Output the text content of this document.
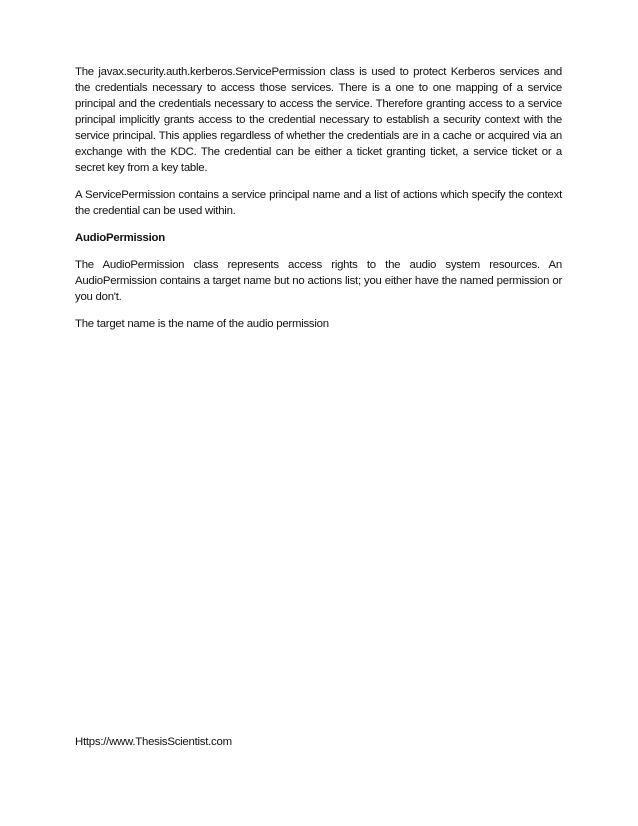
The javax.security.auth.kerberos.ServicePermission class is used to protect Kerberos services and the credentials necessary to access those services. There is a one to one mapping of a service principal and the credentials necessary to access the service. Therefore granting access to a service principal implicitly grants access to the credential necessary to establish a security context with the service principal. This applies regardless of whether the credentials are in a cache or acquired via an exchange with the KDC. The credential can be either a ticket granting ticket, a service ticket or a secret key from a key table.

A ServicePermission contains a service principal name and a list of actions which specify the context the credential can be used within.

AudioPermission

The AudioPermission class represents access rights to the audio system resources. An AudioPermission contains a target name but no actions list; you either have the named permission or you don't.

The target name is the name of the audio permission

Https://www.ThesisScientist.com
